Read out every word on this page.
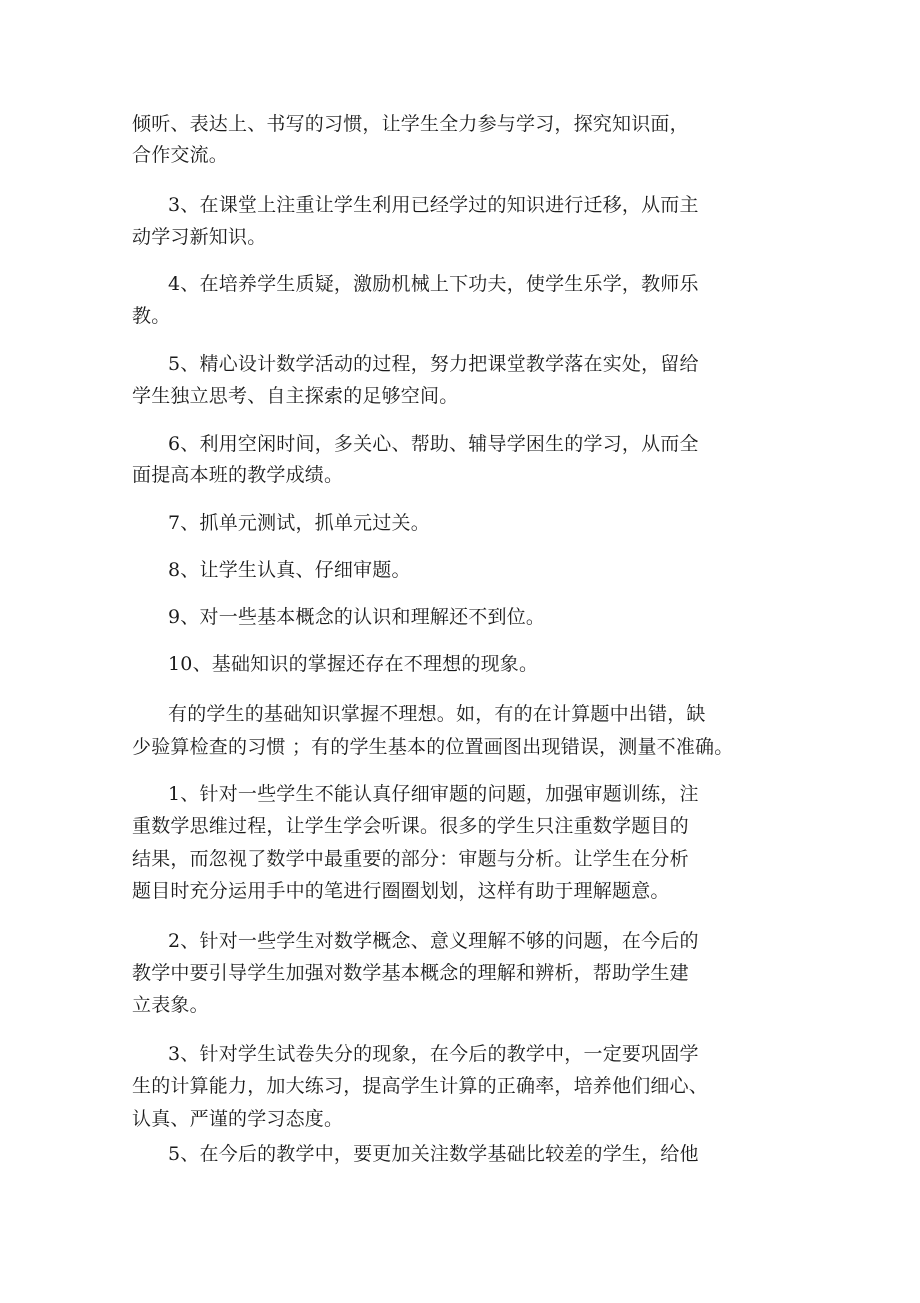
倾听、表达上、书写的习惯，让学生全力参与学习，探究知识面，
合作交流。
3、在课堂上注重让学生利用已经学过的知识进行迁移，从而主
动学习新知识。
4、在培养学生质疑，激励机械上下功夫，使学生乐学，教师乐
教。
5、精心设计数学活动的过程，努力把课堂教学落在实处，留给
学生独立思考、自主探索的足够空间。
6、利用空闲时间，多关心、帮助、辅导学困生的学习，从而全
面提高本班的教学成绩。
7、抓单元测试，抓单元过关。
8、让学生认真、仔细审题。
9、对一些基本概念的认识和理解还不到位。
10、基础知识的掌握还存在不理想的现象。
有的学生的基础知识掌握不理想。如，有的在计算题中出错，缺
少验算检查的习惯 ；有的学生基本的位置画图出现错误，测量不准确。
1、针对一些学生不能认真仔细审题的问题，加强审题训练，注
重数学思维过程，让学生学会听课。很多的学生只注重数学题目的
结果，而忽视了数学中最重要的部分：审题与分析。让学生在分析
题目时充分运用手中的笔进行圈圈划划，这样有助于理解题意。
2、针对一些学生对数学概念、意义理解不够的问题，在今后的
教学中要引导学生加强对数学基本概念的理解和辨析，帮助学生建
立表象。
3、针对学生试卷失分的现象，在今后的教学中，一定要巩固学
生的计算能力，加大练习，提高学生计算的正确率，培养他们细心、
认真、严谨的学习态度。
5、在今后的教学中，要更加关注数学基础比较差的学生，给他
